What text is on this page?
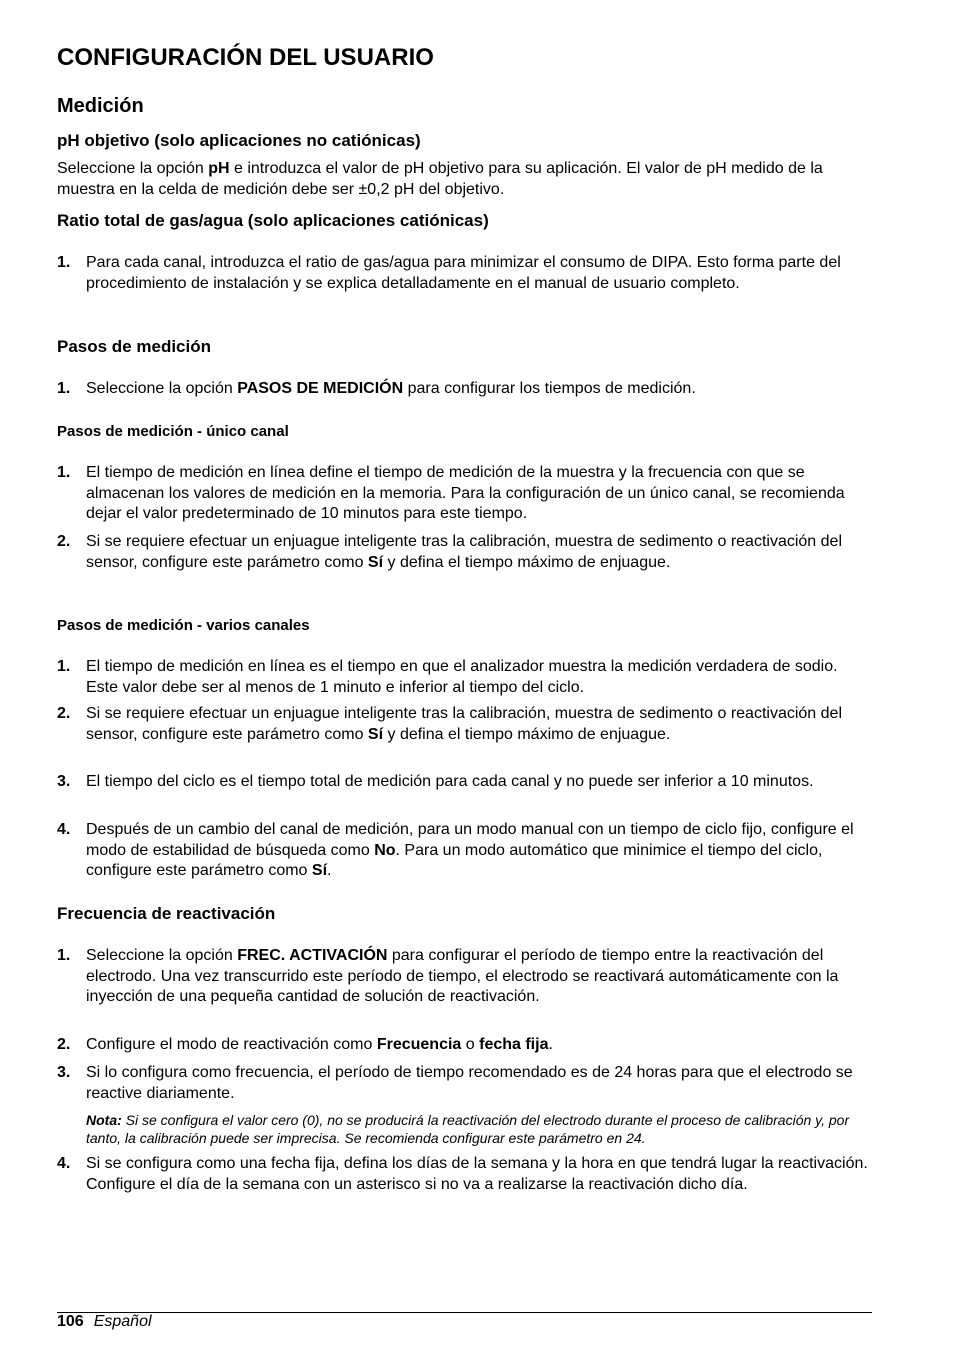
CONFIGURACIÓN DEL USUARIO
Medición
pH objetivo (solo aplicaciones no catiónicas)

Seleccione la opción pH e introduzca el valor de pH objetivo para su aplicación. El valor de pH medido de la muestra en la celda de medición debe ser ±0,2 pH del objetivo.

Ratio total de gas/agua (solo aplicaciones catiónicas)
1. Para cada canal, introduzca el ratio de gas/agua para minimizar el consumo de DIPA. Esto forma parte del procedimiento de instalación y se explica detalladamente en el manual de usuario completo.
Pasos de medición
1. Seleccione la opción PASOS DE MEDICIÓN para configurar los tiempos de medición.
Pasos de medición - único canal
1. El tiempo de medición en línea define el tiempo de medición de la muestra y la frecuencia con que se almacenan los valores de medición en la memoria. Para la configuración de un único canal, se recomienda dejar el valor predeterminado de 10 minutos para este tiempo.
2. Si se requiere efectuar un enjuague inteligente tras la calibración, muestra de sedimento o reactivación del sensor, configure este parámetro como Sí y defina el tiempo máximo de enjuague.
Pasos de medición - varios canales
1. El tiempo de medición en línea es el tiempo en que el analizador muestra la medición verdadera de sodio. Este valor debe ser al menos de 1 minuto e inferior al tiempo del ciclo.
2. Si se requiere efectuar un enjuague inteligente tras la calibración, muestra de sedimento o reactivación del sensor, configure este parámetro como Sí y defina el tiempo máximo de enjuague.
3. El tiempo del ciclo es el tiempo total de medición para cada canal y no puede ser inferior a 10 minutos.
4. Después de un cambio del canal de medición, para un modo manual con un tiempo de ciclo fijo, configure el modo de estabilidad de búsqueda como No. Para un modo automático que minimice el tiempo del ciclo, configure este parámetro como Sí.
Frecuencia de reactivación
1. Seleccione la opción FREC. ACTIVACIÓN para configurar el período de tiempo entre la reactivación del electrodo. Una vez transcurrido este período de tiempo, el electrodo se reactivará automáticamente con la inyección de una pequeña cantidad de solución de reactivación.
2. Configure el modo de reactivación como Frecuencia o fecha fija.
3. Si lo configura como frecuencia, el período de tiempo recomendado es de 24 horas para que el electrodo se reactive diariamente.
Nota: Si se configura el valor cero (0), no se producirá la reactivación del electrodo durante el proceso de calibración y, por tanto, la calibración puede ser imprecisa. Se recomienda configurar este parámetro en 24.
4. Si se configura como una fecha fija, defina los días de la semana y la hora en que tendrá lugar la reactivación. Configure el día de la semana con un asterisco si no va a realizarse la reactivación dicho día.
106 Español
